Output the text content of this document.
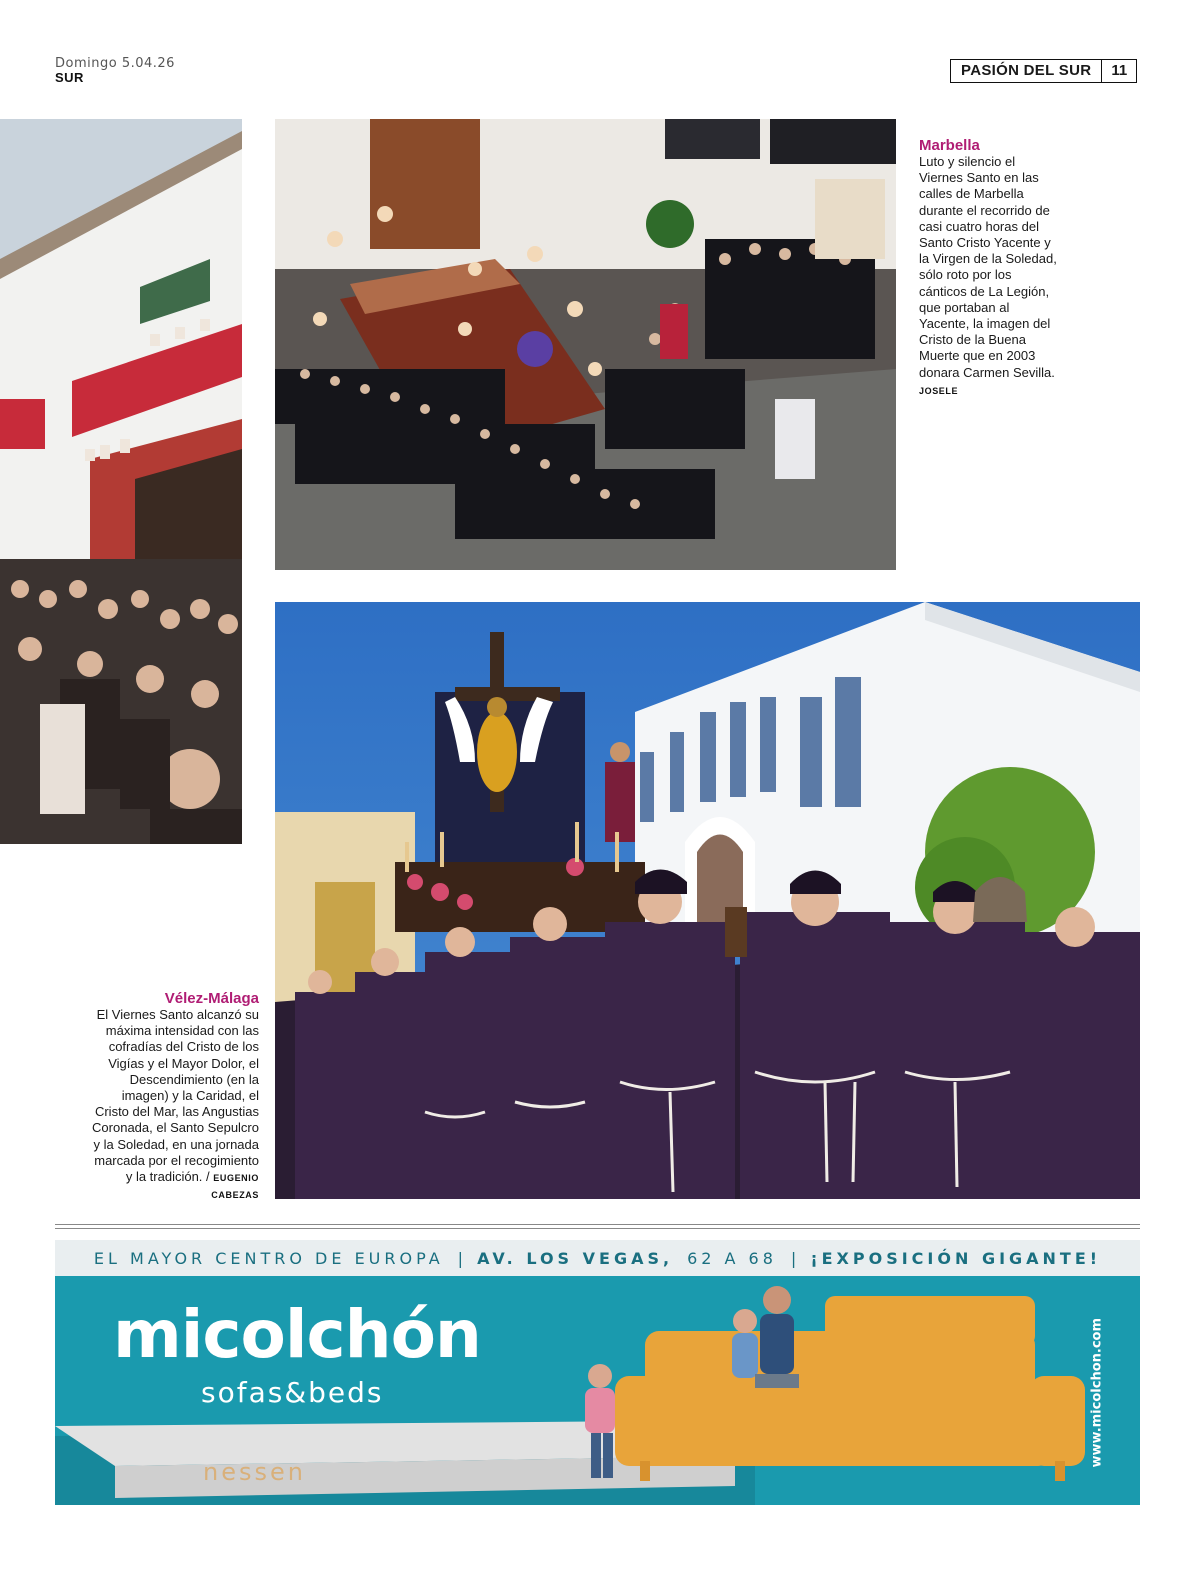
Domingo 5.04.26
SUR	PASIÓN DEL SUR	11
Marbella
Luto y silencio el Viernes Santo en las calles de Marbella durante el recorrido de casi cuatro horas del Santo Cristo Yacente y la Virgen de la Soledad, sólo roto por los cánticos de La Legión, que portaban al Yacente, la imagen del Cristo de la Buena Muerte que en 2003 donara Carmen Sevilla.
JOSELE
Vélez-Málaga
El Viernes Santo alcanzó su máxima intensidad con las cofradías del Cristo de los Vigías y el Mayor Dolor, el Descendimiento (en la imagen) y la Caridad, el Cristo del Mar, las Angustias Coronada, el Santo Sepulcro y la Soledad, en una jornada marcada por el recogimiento y la tradición. / EUGENIO CABEZAS
EL MAYOR CENTRO DE EUROPA | AV. LOS VEGAS, 62 A 68 | ¡EXPOSICIÓN GIGANTE!
micolchón
sofas&beds
nessen
www.micolchon.com
